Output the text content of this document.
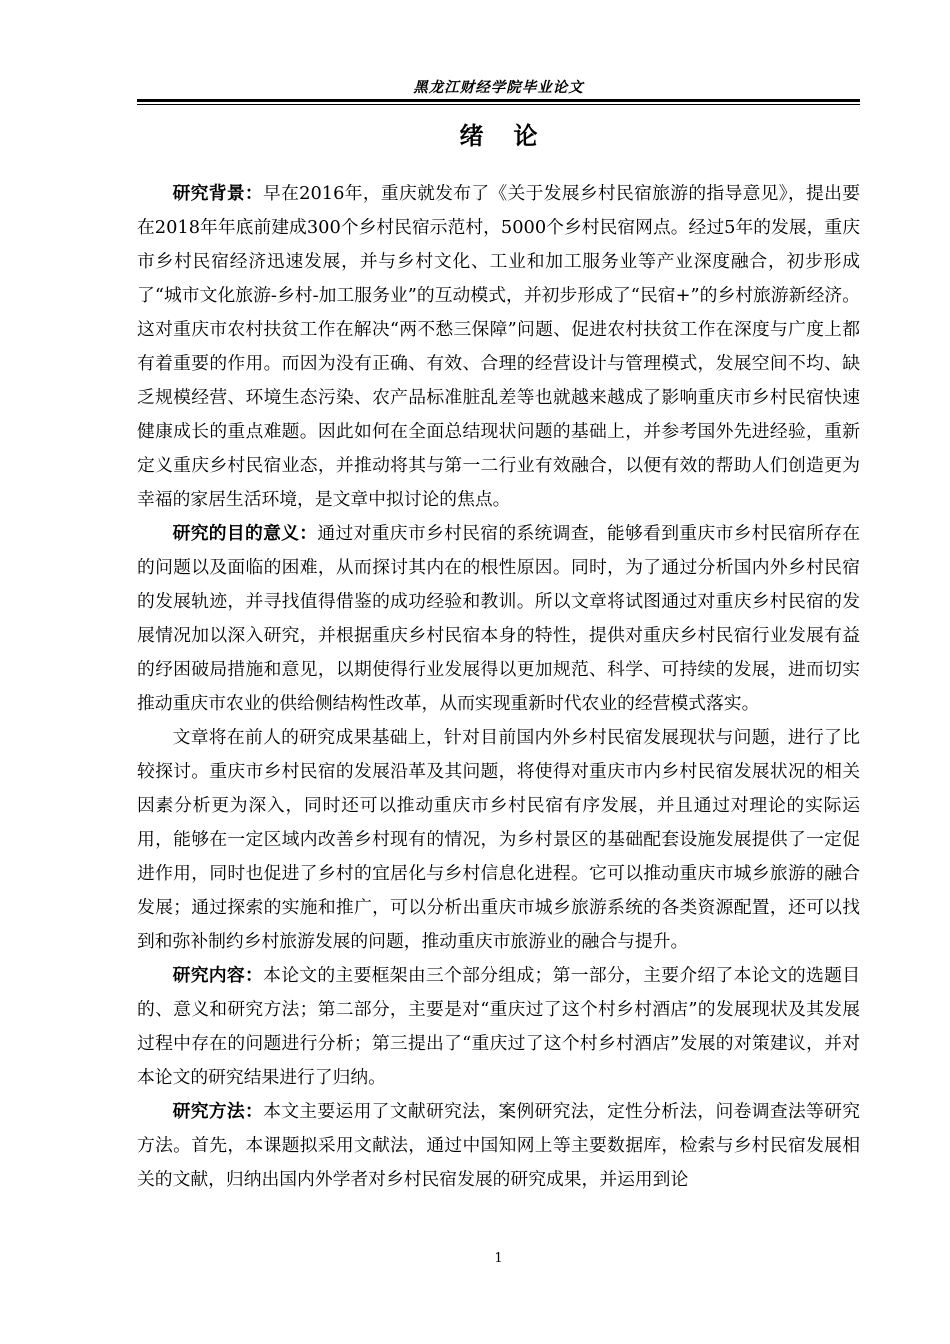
黑龙江财经学院毕业论文
绪论

研究背景：早在2016年，重庆就发布了《关于发展乡村民宿旅游的指导意见》，提出要在2018年年底前建成300个乡村民宿示范村，5000个乡村民宿网点。经过5年的发展，重庆市乡村民宿经济迅速发展，并与乡村文化、工业和加工服务业等产业深度融合，初步形成了“城市文化旅游-乡村-加工服务业”的互动模式，并初步形成了“民宿+”的乡村旅游新经济。这对重庆市农村扶贫工作在解决“两不愁三保障”问题、促进农村扶贫工作在深度与广度上都有着重要的作用。而因为没有正确、有效、合理的经营设计与管理模式，发展空间不均、缺乏规模经营、环境生态污染、农产品标准脏乱差等也就越来越成了影响重庆市乡村民宿快速健康成长的重点难题。因此如何在全面总结现状问题的基础上，并参考国外先进经验，重新定义重庆乡村民宿业态，并推动将其与第一二行业有效融合，以便有效的帮助人们创造更为幸福的家居生活环境，是文章中拟讨论的焦点。

研究的目的意义：通过对重庆市乡村民宿的系统调查，能够看到重庆市乡村民宿所存在的问题以及面临的困难，从而探讨其内在的根性原因。同时，为了通过分析国内外乡村民宿的发展轨迹，并寻找值得借鉴的成功经验和教训。所以文章将试图通过对重庆乡村民宿的发展情况加以深入研究，并根据重庆乡村民宿本身的特性，提供对重庆乡村民宿行业发展有益的纾困破局措施和意见，以期使得行业发展得以更加规范、科学、可持续的发展，进而切实推动重庆市农业的供给侧结构性改革，从而实现重新时代农业的经营模式落实。

文章将在前人的研究成果基础上，针对目前国内外乡村民宿发展现状与问题，进行了比较探讨。重庆市乡村民宿的发展沿革及其问题，将使得对重庆市内乡村民宿发展状况的相关因素分析更为深入，同时还可以推动重庆市乡村民宿有序发展，并且通过对理论的实际运用，能够在一定区域内改善乡村现有的情况，为乡村景区的基础配套设施发展提供了一定促进作用，同时也促进了乡村的宜居化与乡村信息化进程。它可以推动重庆市城乡旅游的融合发展；通过探索的实施和推广，可以分析出重庆市城乡旅游系统的各类资源配置，还可以找到和弥补制约乡村旅游发展的问题，推动重庆市旅游业的融合与提升。

研究内容：本论文的主要框架由三个部分组成；第一部分，主要介绍了本论文的选题目的、意义和研究方法；第二部分，主要是对“重庆过了这个村乡村酒店”的发展现状及其发展过程中存在的问题进行分析；第三提出了“重庆过了这个村乡村酒店”发展的对策建议，并对本论文的研究结果进行了归纳。

研究方法：本文主要运用了文献研究法，案例研究法，定性分析法，问卷调查法等研究方法。首先，本课题拟采用文献法，通过中国知网上等主要数据库，检索与乡村民宿发展相关的文献，归纳出国内外学者对乡村民宿发展的研究成果，并运用到论

1
